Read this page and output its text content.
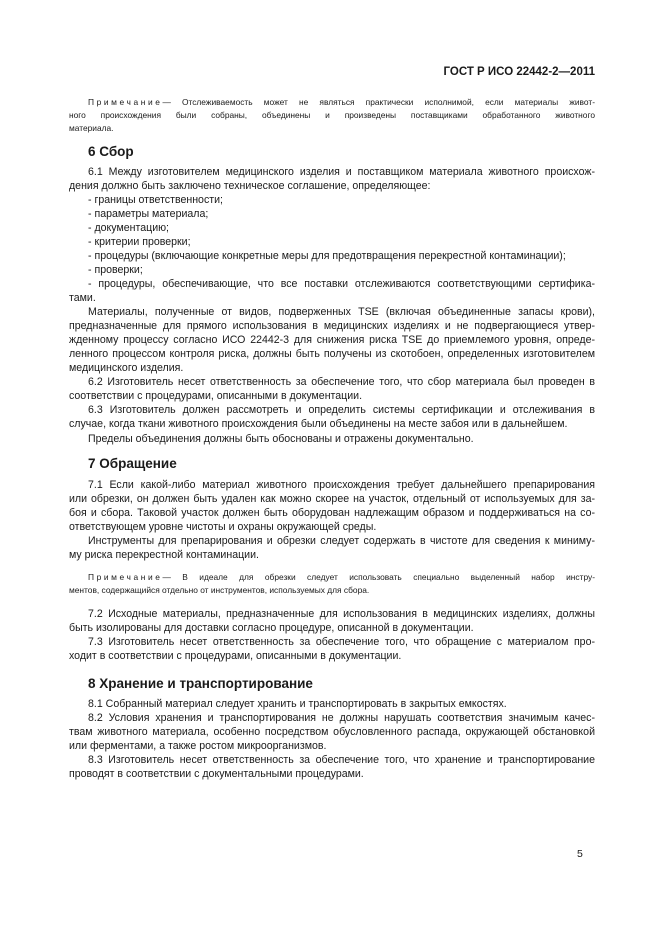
ГОСТ Р ИСО 22442-2—2011
Примечание— Отслеживаемость может не являться практически исполнимой, если материалы живот-
ного происхождения были собраны, объединены и произведены поставщиками обработанного животного
материала.
6 Сбор
6.1 Между изготовителем медицинского изделия и поставщиком материала животного происхож-
дения должно быть заключено техническое соглашение, определяющее:
- границы ответственности;
- параметры материала;
- документацию;
- критерии проверки;
- процедуры (включающие конкретные меры для предотвращения перекрестной контаминации);
- проверки;
- процедуры, обеспечивающие, что все поставки отслеживаются соответствующими сертифика-
тами.
Материалы, полученные от видов, подверженных TSE (включая объединенные запасы крови),
предназначенные для прямого использования в медицинских изделиях и не подвергающиеся утвер-
жденному процессу согласно ИСО 22442-3 для снижения риска TSE до приемлемого уровня, опреде-
ленного процессом контроля риска, должны быть получены из скотобоен, определенных изготовителем
медицинского изделия.
6.2 Изготовитель несет ответственность за обеспечение того, что сбор материала был проведен в
соответствии с процедурами, описанными в документации.
6.3 Изготовитель должен рассмотреть и определить системы сертификации и отслеживания в
случае, когда ткани животного происхождения были объединены на месте забоя или в дальнейшем.
Пределы объединения должны быть обоснованы и отражены документально.
7 Обращение
7.1 Если какой-либо материал животного происхождения требует дальнейшего препарирования
или обрезки, он должен быть удален как можно скорее на участок, отдельный от используемых для за-
боя и сбора. Таковой участок должен быть оборудован надлежащим образом и поддерживаться на со-
ответствующем уровне чистоты и охраны окружающей среды.
Инструменты для препарирования и обрезки следует содержать в чистоте для сведения к миниму-
му риска перекрестной контаминации.
Примечание— В идеале для обрезки следует использовать специально выделенный набор инстру-
ментов, содержащийся отдельно от инструментов, используемых для сбора.
7.2 Исходные материалы, предназначенные для использования в медицинских изделиях, должны
быть изолированы для доставки согласно процедуре, описанной в документации.
7.3 Изготовитель несет ответственность за обеспечение того, что обращение с материалом про-
ходит в соответствии с процедурами, описанными в документации.
8 Хранение и транспортирование
8.1 Собранный материал следует хранить и транспортировать в закрытых емкостях.
8.2 Условия хранения и транспортирования не должны нарушать соответствия значимым качес-
твам животного материала, особенно посредством обусловленного распада, окружающей обстановкой
или ферментами, а также ростом микроорганизмов.
8.3 Изготовитель несет ответственность за обеспечение того, что хранение и транспортирование
проводят в соответствии с документальными процедурами.
5
